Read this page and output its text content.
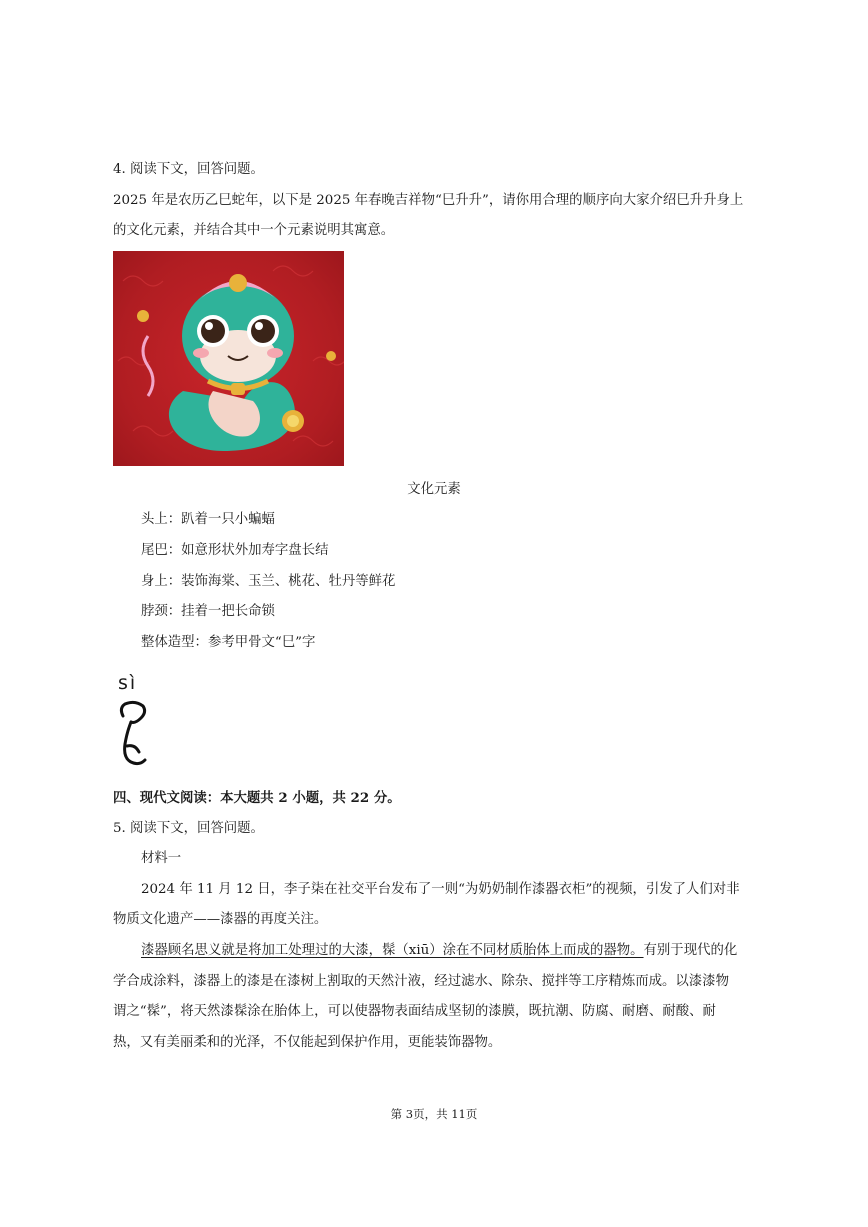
4. 阅读下文，回答问题。
2025 年是农历乙巳蛇年，以下是 2025 年春晚吉祥物“巳升升”，请你用合理的顺序向大家介绍巳升升身上
的文化元素，并结合其中一个元素说明其寓意。
文化元素
头上：趴着一只小蝙蝠
尾巴：如意形状外加寿字盘长结
身上：装饰海棠、玉兰、桃花、牡丹等鲜花
脖颈：挂着一把长命锁
整体造型：参考甲骨文“巳”字
sì
四、现代文阅读：本大题共 2 小题，共 22 分。
5. 阅读下文，回答问题。
材料一
2024 年 11 月 12 日，李子柒在社交平台发布了一则“为奶奶制作漆器衣柜”的视频，引发了人们对非
物质文化遗产——漆器的再度关注。
漆器顾名思义就是将加工处理过的大漆，髹（xiū）涂在不同材质胎体上而成的器物。有别于现代的化
学合成涂料，漆器上的漆是在漆树上割取的天然汁液，经过滤水、除杂、搅拌等工序精炼而成。以漆漆物
谓之“髹”，将天然漆髹涂在胎体上，可以使器物表面结成坚韧的漆膜，既抗潮、防腐、耐磨、耐酸、耐
热，又有美丽柔和的光泽，不仅能起到保护作用，更能装饰器物。
第 3页，共 11页
